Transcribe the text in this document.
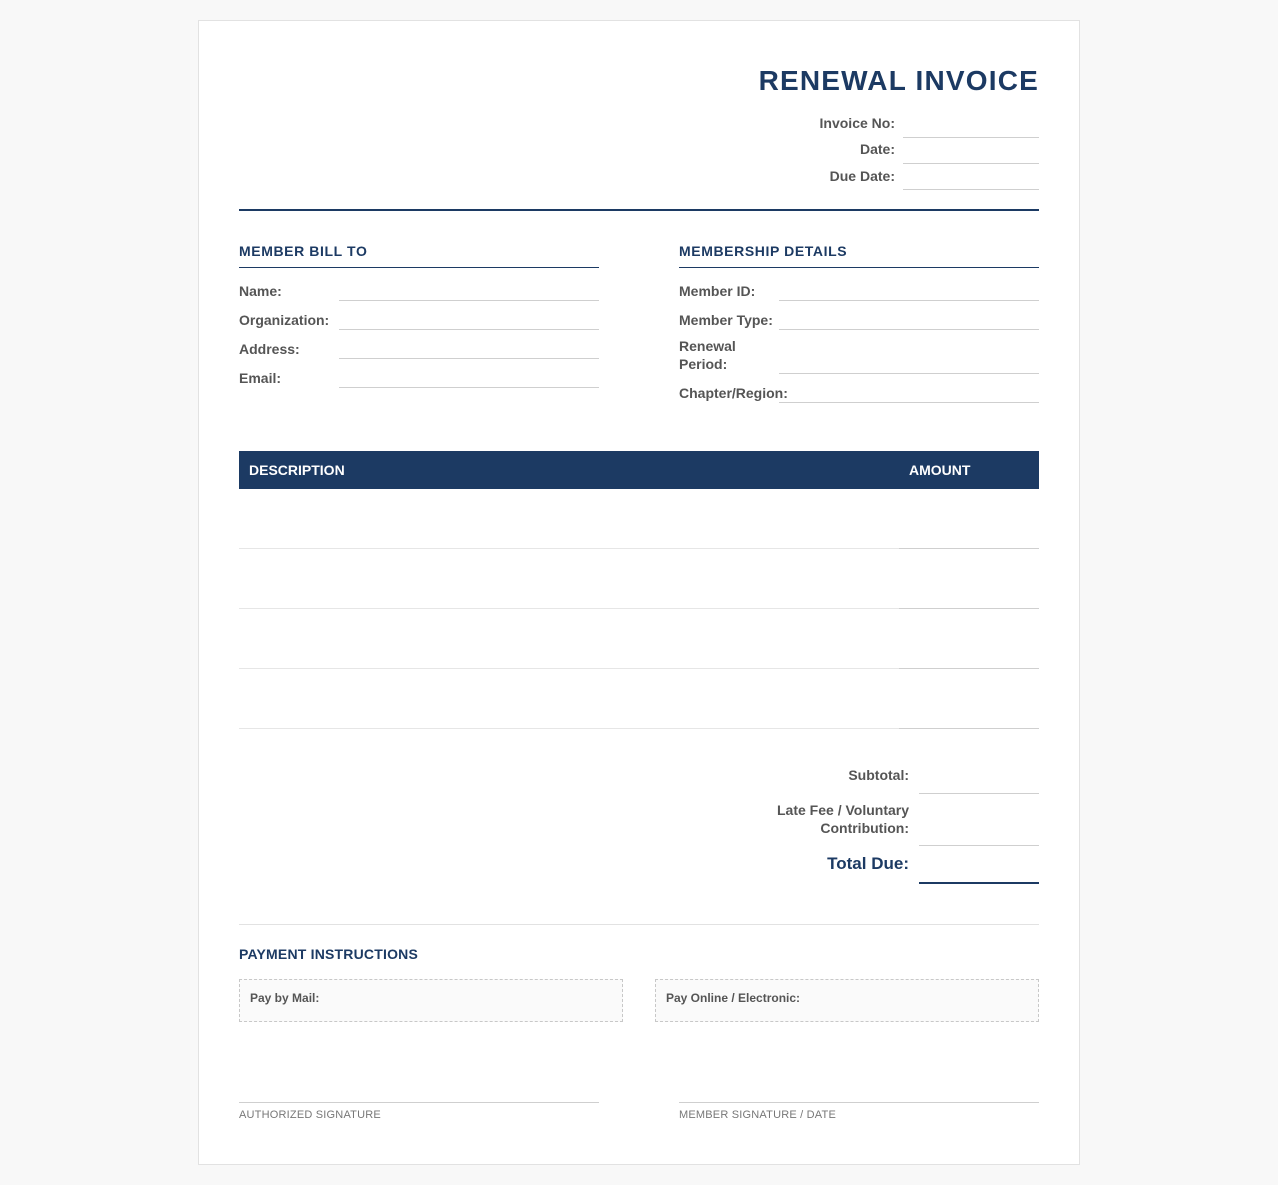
RENEWAL INVOICE
Invoice No:
Date:
Due Date:
MEMBER BILL TO
Name:
Organization:
Address:
Email:
MEMBERSHIP DETAILS
Member ID:
Member Type:
Renewal Period:
Chapter/Region:
DESCRIPTION	AMOUNT
Subtotal:
Late Fee / Voluntary Contribution:
Total Due:
PAYMENT INSTRUCTIONS
Pay by Mail:	Pay Online / Electronic:
AUTHORIZED SIGNATURE	MEMBER SIGNATURE / DATE
